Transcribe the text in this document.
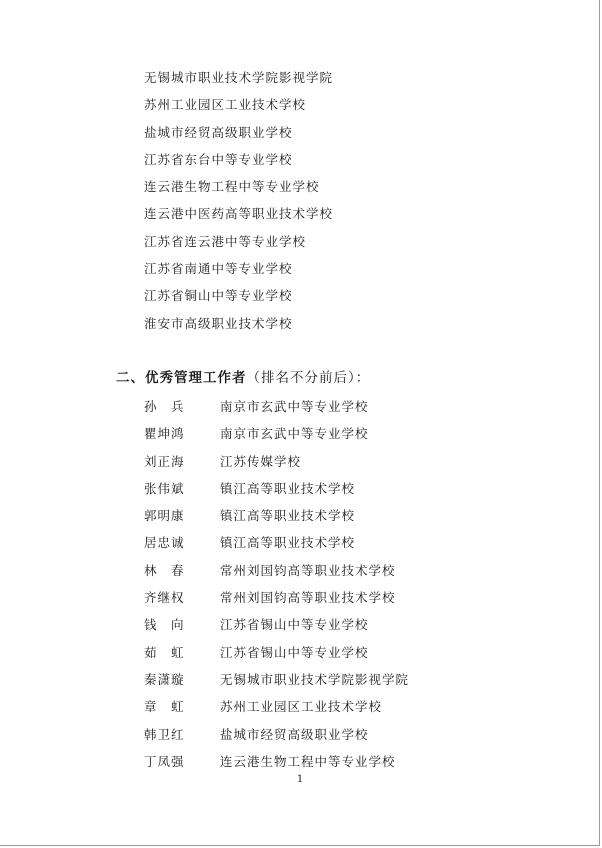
无锡城市职业技术学院影视学院
苏州工业园区工业技术学校
盐城市经贸高级职业学校
江苏省东台中等专业学校
连云港生物工程中等专业学校
连云港中医药高等职业技术学校
江苏省连云港中等专业学校
江苏省南通中等专业学校
江苏省铜山中等专业学校
淮安市高级职业技术学校
二、优秀管理工作者（排名不分前后）：
孙　兵	南京市玄武中等专业学校
瞿坤鸿	南京市玄武中等专业学校
刘正海	江苏传媒学校
张伟斌	镇江高等职业技术学校
郭明康	镇江高等职业技术学校
居忠诚	镇江高等职业技术学校
林　春	常州刘国钧高等职业技术学校
齐继权	常州刘国钧高等职业技术学校
钱　向	江苏省锡山中等专业学校
茹　虹	江苏省锡山中等专业学校
秦潇璇	无锡城市职业技术学院影视学院
章　虹	苏州工业园区工业技术学校
韩卫红	盐城市经贸高级职业学校
丁凤强	连云港生物工程中等专业学校
1
